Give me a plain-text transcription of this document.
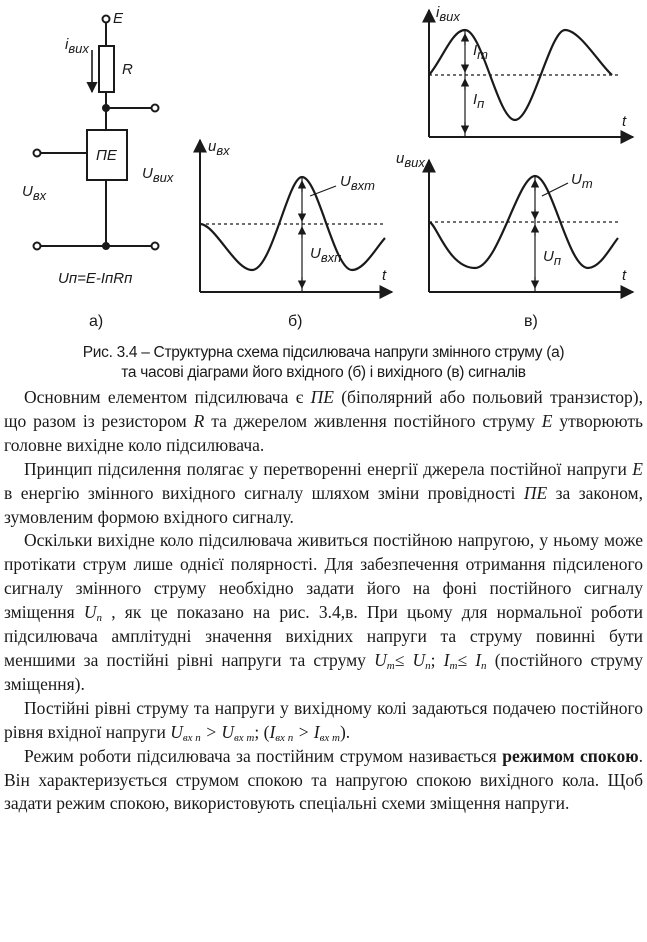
E
R
ПЕ
iвих
Uвх
Uвих
Uп=E-IпRп
а)
uвх
t
Uвхm
Uвхп
б)
iвих
t
Im
Iп
uвих
t
Um
Uп
в)
Рис. 3.4 – Структурна схема підсилювача напруги змінного струму (а)
та часові діаграми його вхідного (б) і вихідного (в) сигналів

Основним елементом підсилювача є ПЕ (біполярний або польовий транзистор), що разом із резистором R та джерелом живлення постійного струму E утворюють головне вихідне коло підсилювача.

Принцип підсилення полягає у перетворенні енергії джерела постійної напруги E в енергію змінного вихідного сигналу шляхом зміни провідності ПЕ за законом, зумовленим формою вхідного сигналу.

Оскільки вихідне коло підсилювача живиться постійною напругою, у ньому може протікати струм лише однієї полярності. Для забезпечення отримання підсиленого сигналу змінного струму необхідно задати його на фоні постійного сигналу зміщення Uп , як це показано на рис. 3.4,в. При цьому для нормальної роботи підсилювача амплітудні значення вихідних напруги та струму повинні бути меншими за постійні рівні напруги та струму Um≤ Uп; Im≤ Iп (постійного струму зміщення).

Постійні рівні струму та напруги у вихідному колі задаються подачею постійного рівня вхідної напруги Uвх п > Uвх m; (Iвх п > Iвх m).

Режим роботи підсилювача за постійним струмом називається режимом спокою. Він характеризується струмом спокою та напругою спокою вихідного кола. Щоб задати режим спокою, використовують спеціальні схеми зміщення напруги.
